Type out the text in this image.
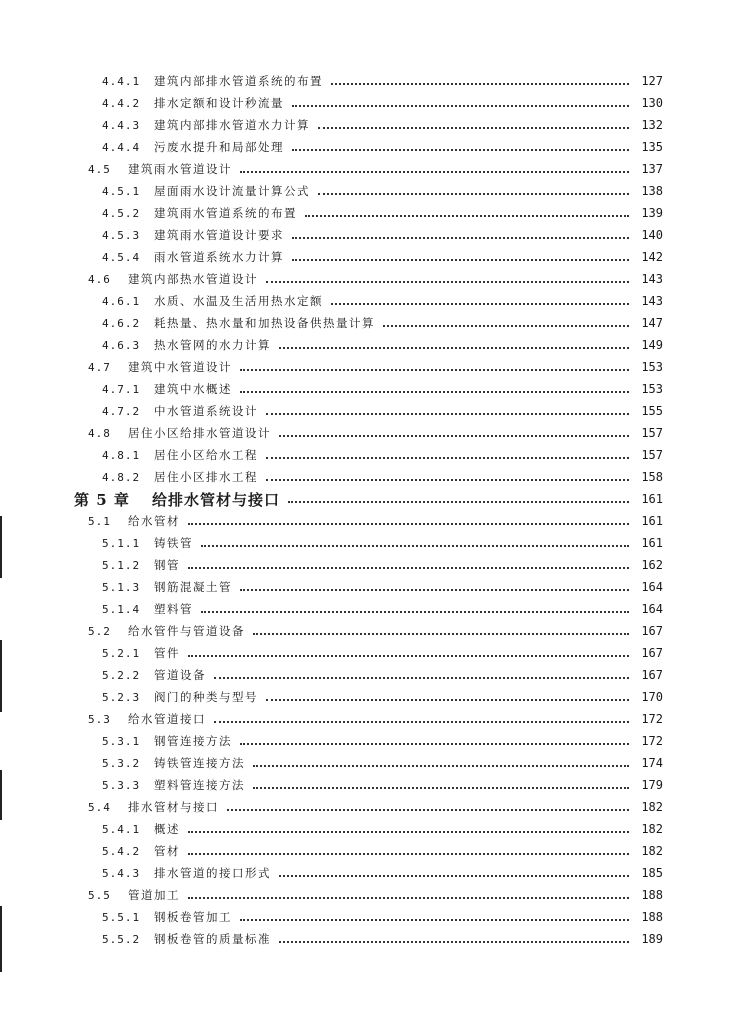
4.4.1	建筑内部排水管道系统的布置	127
4.4.2	排水定额和设计秒流量	130
4.4.3	建筑内部排水管道水力计算	132
4.4.4	污废水提升和局部处理	135
4.5	建筑雨水管道设计	137
4.5.1	屋面雨水设计流量计算公式	138
4.5.2	建筑雨水管道系统的布置	139
4.5.3	建筑雨水管道设计要求	140
4.5.4	雨水管道系统水力计算	142
4.6	建筑内部热水管道设计	143
4.6.1	水质、水温及生活用热水定额	143
4.6.2	耗热量、热水量和加热设备供热量计算	147
4.6.3	热水管网的水力计算	149
4.7	建筑中水管道设计	153
4.7.1	建筑中水概述	153
4.7.2	中水管道系统设计	155
4.8	居住小区给排水管道设计	157
4.8.1	居住小区给水工程	157
4.8.2	居住小区排水工程	158
第 5 章	给排水管材与接口	161
5.1	给水管材	161
5.1.1	铸铁管	161
5.1.2	钢管	162
5.1.3	钢筋混凝土管	164
5.1.4	塑料管	164
5.2	给水管件与管道设备	167
5.2.1	管件	167
5.2.2	管道设备	167
5.2.3	阀门的种类与型号	170
5.3	给水管道接口	172
5.3.1	钢管连接方法	172
5.3.2	铸铁管连接方法	174
5.3.3	塑料管连接方法	179
5.4	排水管材与接口	182
5.4.1	概述	182
5.4.2	管材	182
5.4.3	排水管道的接口形式	185
5.5	管道加工	188
5.5.1	钢板卷管加工	188
5.5.2	钢板卷管的质量标准	189
